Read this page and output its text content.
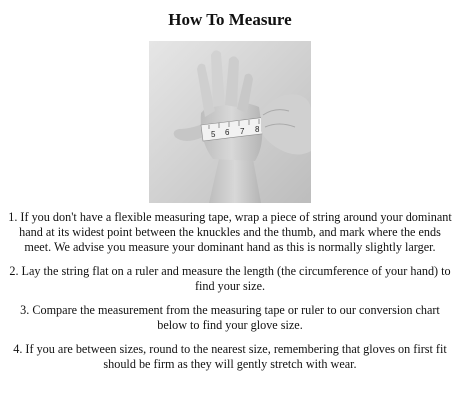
How To Measure
5 6 7 8

1. If you don't have a flexible measuring tape, wrap a piece of string around your dominant hand at its widest point between the knuckles and the thumb, and mark where the ends meet. We advise you measure your dominant hand as this is normally slightly larger.

2. Lay the string flat on a ruler and measure the length (the circumference of your hand) to find your size.

3. Compare the measurement from the measuring tape or ruler to our conversion chart below to find your glove size.

4. If you are between sizes, round to the nearest size, remembering that gloves on first fit should be firm as they will gently stretch with wear.
